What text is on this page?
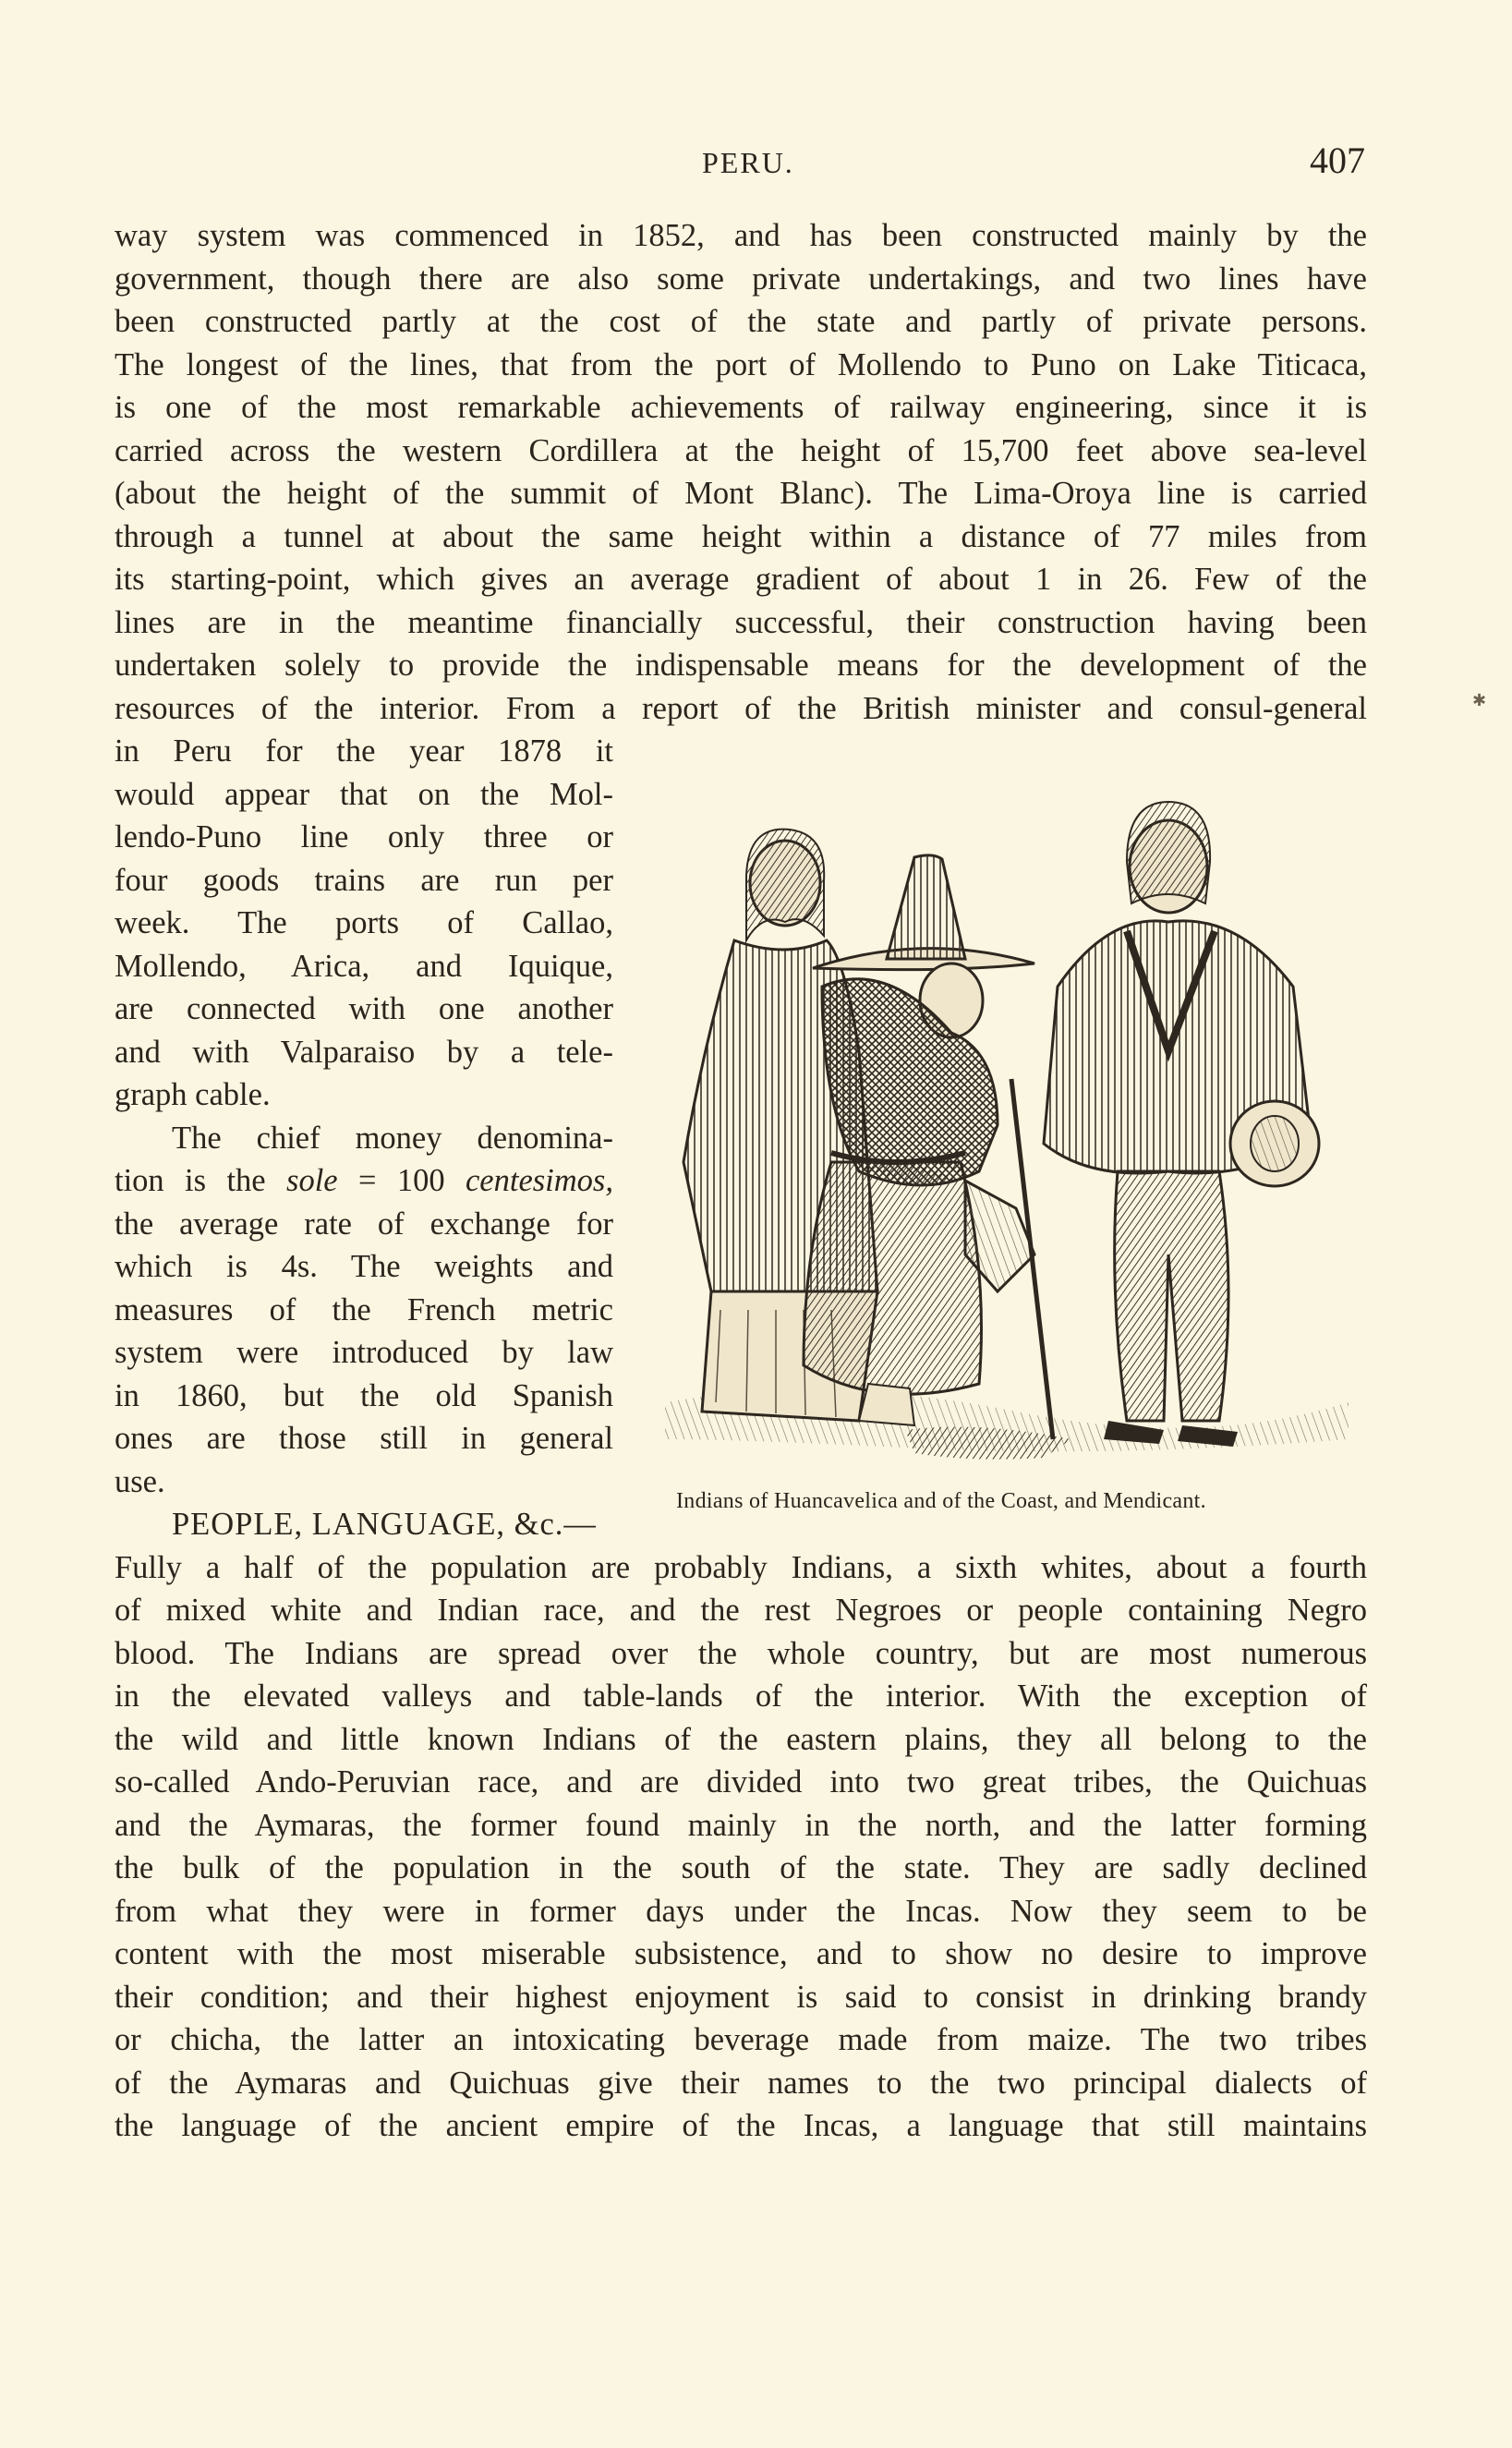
PERU.	407
way system was commenced in 1852, and has been constructed mainly by the
government, though there are also some private undertakings, and two lines have
been constructed partly at the cost of the state and partly of private persons.
The longest of the lines, that from the port of Mollendo to Puno on Lake Titicaca,
is one of the most remarkable achievements of railway engineering, since it is
carried across the western Cordillera at the height of 15,700 feet above sea-level
(about the height of the summit of Mont Blanc). The Lima-Oroya line is carried
through a tunnel at about the same height within a distance of 77 miles from
its starting-point, which gives an average gradient of about 1 in 26. Few of the
lines are in the meantime financially successful, their construction having been
undertaken solely to provide the indispensable means for the development of the
resources of the interior. From a report of the British minister and consul-general
in Peru for the year 1878 it
would appear that on the Mol-
lendo-Puno line only three or
four goods trains are run per
week. The ports of Callao,
Mollendo, Arica, and Iquique,
are connected with one another
and with Valparaiso by a tele-
graph cable.
The chief money denomina-
tion is the sole = 100 centesimos,
the average rate of exchange for
which is 4s. The weights and
measures of the French metric
system were introduced by law
in 1860, but the old Spanish
ones are those still in general
use.
PEOPLE, LANGUAGE, &c.—
Fully a half of the population are probably Indians, a sixth whites, about a fourth
of mixed white and Indian race, and the rest Negroes or people containing Negro
blood. The Indians are spread over the whole country, but are most numerous
in the elevated valleys and table-lands of the interior. With the exception of
the wild and little known Indians of the eastern plains, they all belong to the
so-called Ando-Peruvian race, and are divided into two great tribes, the Quichuas
and the Aymaras, the former found mainly in the north, and the latter forming
the bulk of the population in the south of the state. They are sadly declined
from what they were in former days under the Incas. Now they seem to be
content with the most miserable subsistence, and to show no desire to improve
their condition; and their highest enjoyment is said to consist in drinking brandy
or chicha, the latter an intoxicating beverage made from maize. The two tribes
of the Aymaras and Quichuas give their names to the two principal dialects of
the language of the ancient empire of the Incas, a language that still maintains
Indians of Huancavelica and of the Coast, and Mendicant.
✱
